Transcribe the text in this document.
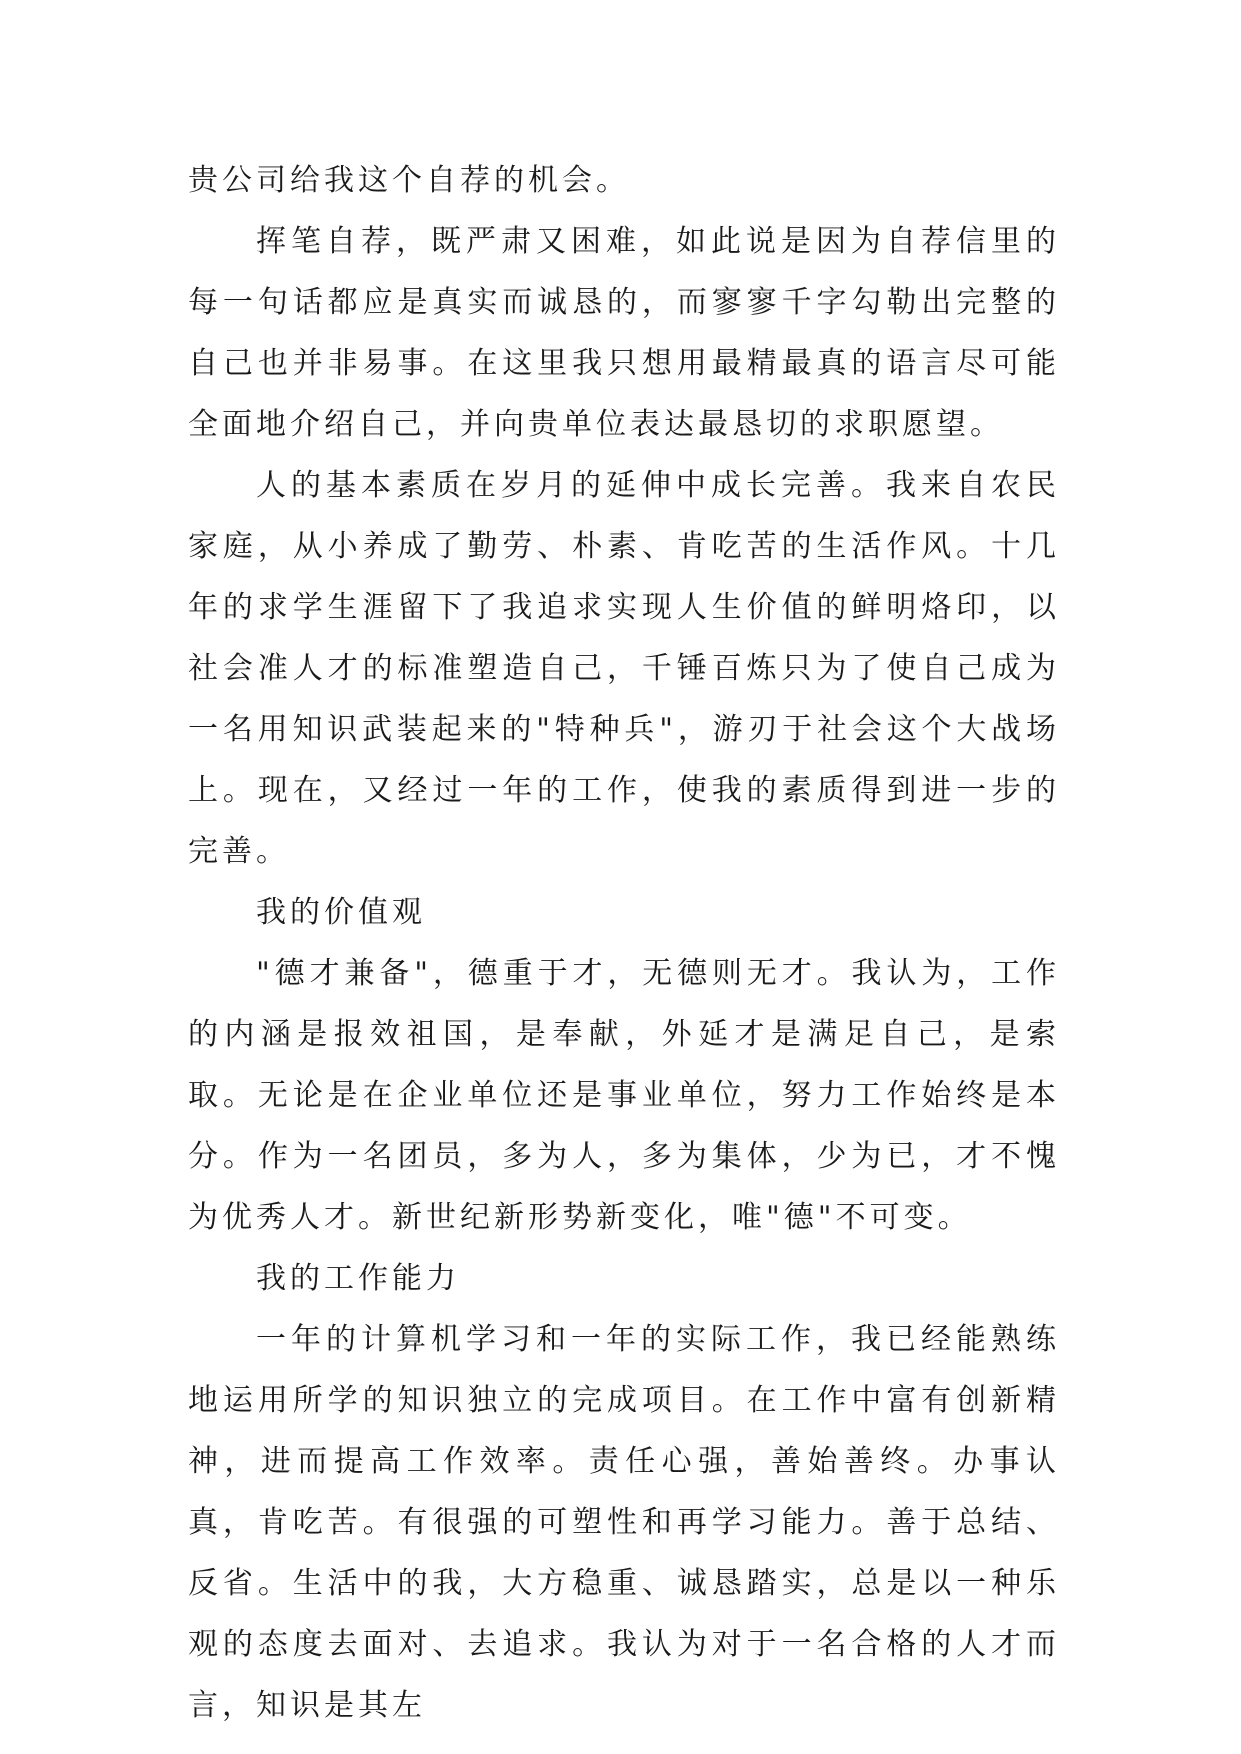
贵公司给我这个自荐的机会。

挥笔自荐，既严肃又困难，如此说是因为自荐信里的每一句话都应是真实而诚恳的，而寥寥千字勾勒出完整的自己也并非易事。在这里我只想用最精最真的语言尽可能全面地介绍自己，并向贵单位表达最恳切的求职愿望。

人的基本素质在岁月的延伸中成长完善。我来自农民家庭，从小养成了勤劳、朴素、肯吃苦的生活作风。十几年的求学生涯留下了我追求实现人生价值的鲜明烙印，以社会准人才的标准塑造自己，千锤百炼只为了使自己成为一名用知识武装起来的"特种兵"，游刃于社会这个大战场上。现在，又经过一年的工作，使我的素质得到进一步的完善。

我的价值观

"德才兼备"，德重于才，无德则无才。我认为，工作的内涵是报效祖国，是奉献，外延才是满足自己，是索取。无论是在企业单位还是事业单位，努力工作始终是本分。作为一名团员，多为人，多为集体，少为已，才不愧为优秀人才。新世纪新形势新变化，唯"德"不可变。

我的工作能力

一年的计算机学习和一年的实际工作，我已经能熟练地运用所学的知识独立的完成项目。在工作中富有创新精神，进而提高工作效率。责任心强，善始善终。办事认真，肯吃苦。有很强的可塑性和再学习能力。善于总结、反省。生活中的我，大方稳重、诚恳踏实，总是以一种乐观的态度去面对、去追求。我认为对于一名合格的人才而言，知识是其左
